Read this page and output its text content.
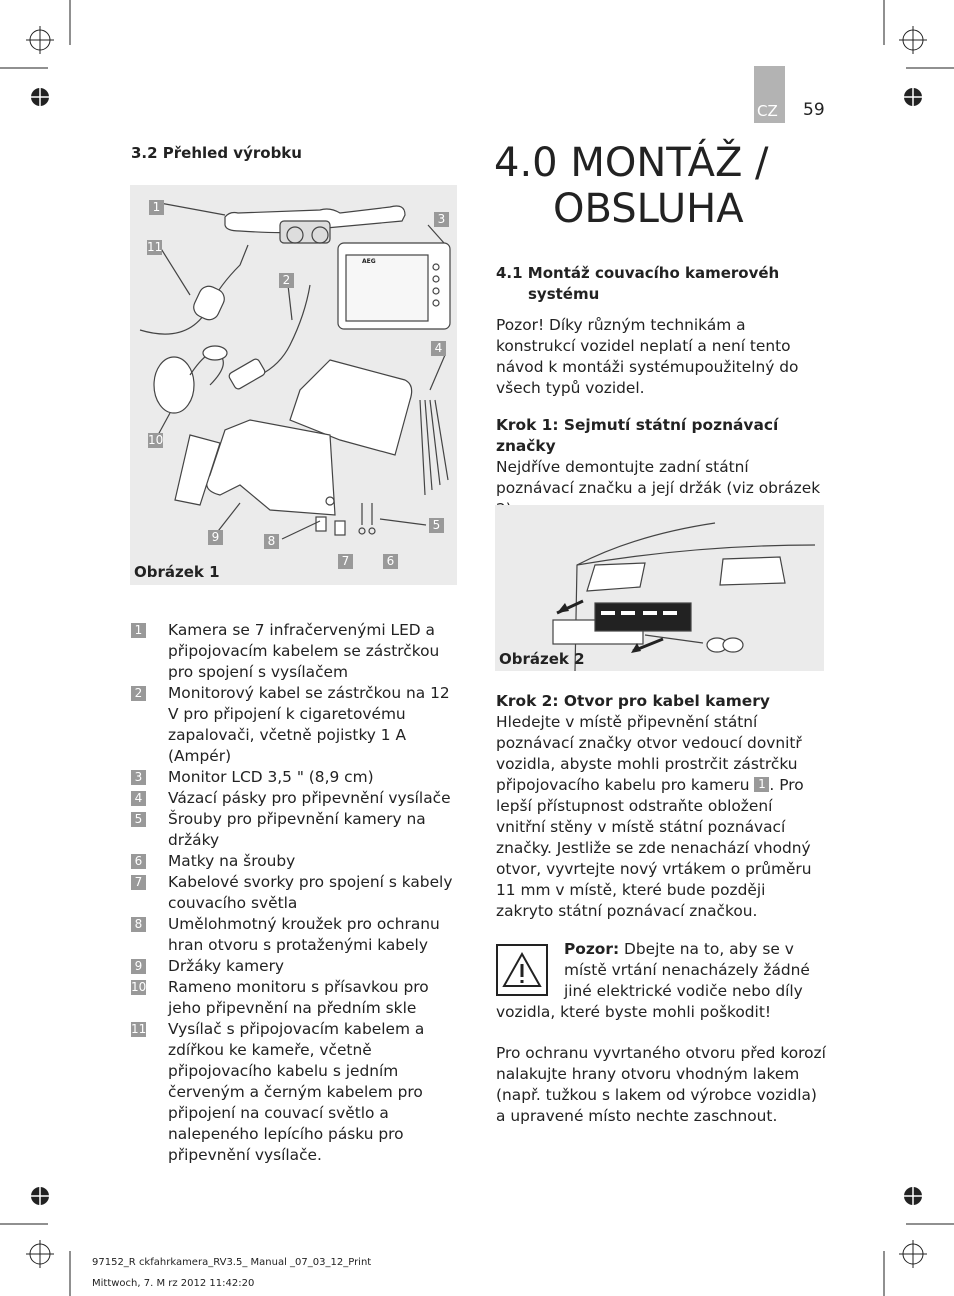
CZ 59
3.2 Přehled výrobku
AEG
1
11
2
3
4
10
9	8
7	6
5
Obrázek 1
1 Kamera se 7 infračervenými LED a připojovacím kabelem se zástrčkou pro spojení s vysílačem
2 Monitorový kabel se zástrčkou na 12 V pro připojení k cigaretovému zapalovači, včetně pojistky 1 A (Ampér)
3 Monitor LCD 3,5 " (8,9 cm)
4 Vázací pásky pro připevnění vysílače
5 Šrouby pro připevnění kamery na držáky
6 Matky na šrouby
7 Kabelové svorky pro spojení s kabely couvacího světla
8 Umělohmotný kroužek pro ochranu hran otvoru s protaženými kabely
9 Držáky kamery
10 Rameno monitoru s přísavkou pro jeho připevnění na předním skle
11 Vysílač s připojovacím kabelem a zdířkou ke kameře, včetně připojovacího kabelu s jedním červeným a černým kabelem pro připojení na couvací světlo a nalepeného lepícího pásku pro připevnění vysílače.
4.0 MONTÁŽ /
OBSLUHA
4.1 Montáž couvacího kamerovéh systému
Pozor! Díky různým technikám a konstrukcí vozidel neplatí a není tento návod k montáži systémupoužitelný do všech typů vozidel.
Krok 1: Sejmutí státní poznávací značky
Nejdříve demontujte zadní státní poznávací značku a její držák (viz obrázek
Obrázek 2
Krok 2: Otvor pro kabel kamery
Hledejte v místě připevnění státní poznávací značky otvor vedoucí dovnitř vozidla, abyste mohli prostrčit zástrčku připojovacího kabelu pro kameru 1 . Pro lepší přístupnost odstraňte obložení vnitřní stěny v místě státní poznávací značky. Jestliže se zde nenachází vhodný otvor, vyvrtejte nový vrtákem o průměru 11 mm v místě, které bude později zakryto státní poznávací značkou.
Pozor: Dbejte na to, aby se v místě vrtání nenacházely žádné jiné elektrické vodiče nebo díly vozidla, které byste mohli poškodit!
Pro ochranu vyvrtaného otvoru před korozí nalakujte hrany otvoru vhodným lakem (např. tužkou s lakem od výrobce vozidla) a upravené místo nechte zaschnout.
97152_R ckfahrkamera_RV3.5_ Manual _07_03_12_Print
Mittwoch, 7. M rz 2012 11:42:20
